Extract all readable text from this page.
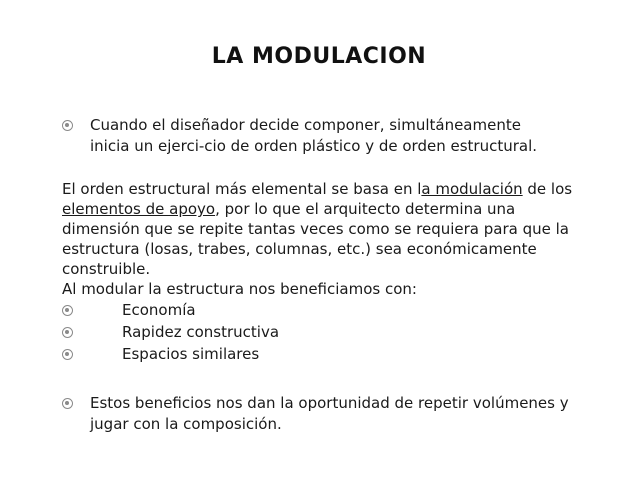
LA MODULACION
Cuando el diseñador decide componer, simultáneamente
inicia un ejerci-cio de orden plástico y de orden estructural.
El orden estructural más elemental se basa en la modulación de los
elementos de apoyo, por lo que el arquitecto determina una
dimensión que se repite tantas veces como se requiera para que la
estructura (losas, trabes, columnas, etc.) sea económicamente
construible.
Al modular la estructura nos beneficiamos con:
Economía
Rapidez constructiva
Espacios similares
Estos beneficios nos dan la oportunidad de repetir volúmenes y
jugar con la composición.
